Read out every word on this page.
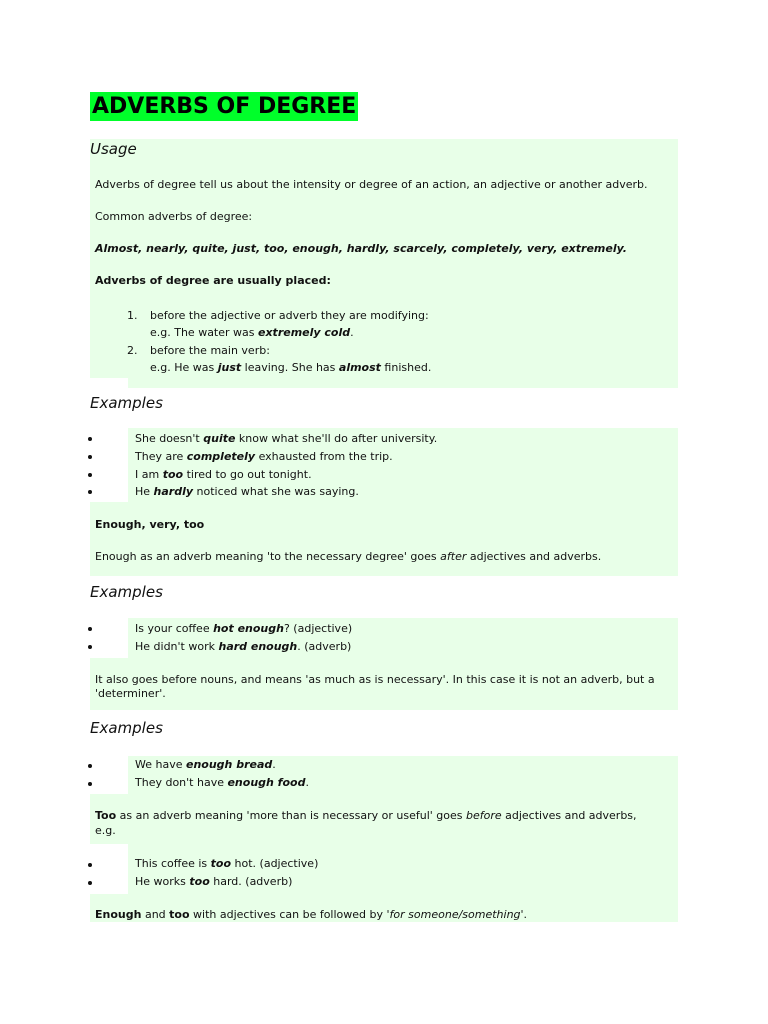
ADVERBS OF DEGREE
Usage
Adverbs of degree tell us about the intensity or degree of an action, an adjective or another adverb.
Common adverbs of degree:
Almost, nearly, quite, just, too, enough, hardly, scarcely, completely, very, extremely.
Adverbs of degree are usually placed:
1. before the adjective or adverb they are modifying:
e.g. The water was extremely cold.
2. before the main verb:
e.g. He was just leaving. She has almost finished.
Examples
She doesn't quite know what she'll do after university.
They are completely exhausted from the trip.
I am too tired to go out tonight.
He hardly noticed what she was saying.
Enough, very, too
Enough as an adverb meaning 'to the necessary degree' goes after adjectives and adverbs.
Examples
Is your coffee hot enough? (adjective)
He didn't work hard enough. (adverb)
It also goes before nouns, and means 'as much as is necessary'. In this case it is not an adverb, but a
'determiner'.
Examples
We have enough bread.
They don't have enough food.
Too as an adverb meaning 'more than is necessary or useful' goes before adjectives and adverbs,
e.g.
This coffee is too hot. (adjective)
He works too hard. (adverb)
Enough and too with adjectives can be followed by 'for someone/something'.
